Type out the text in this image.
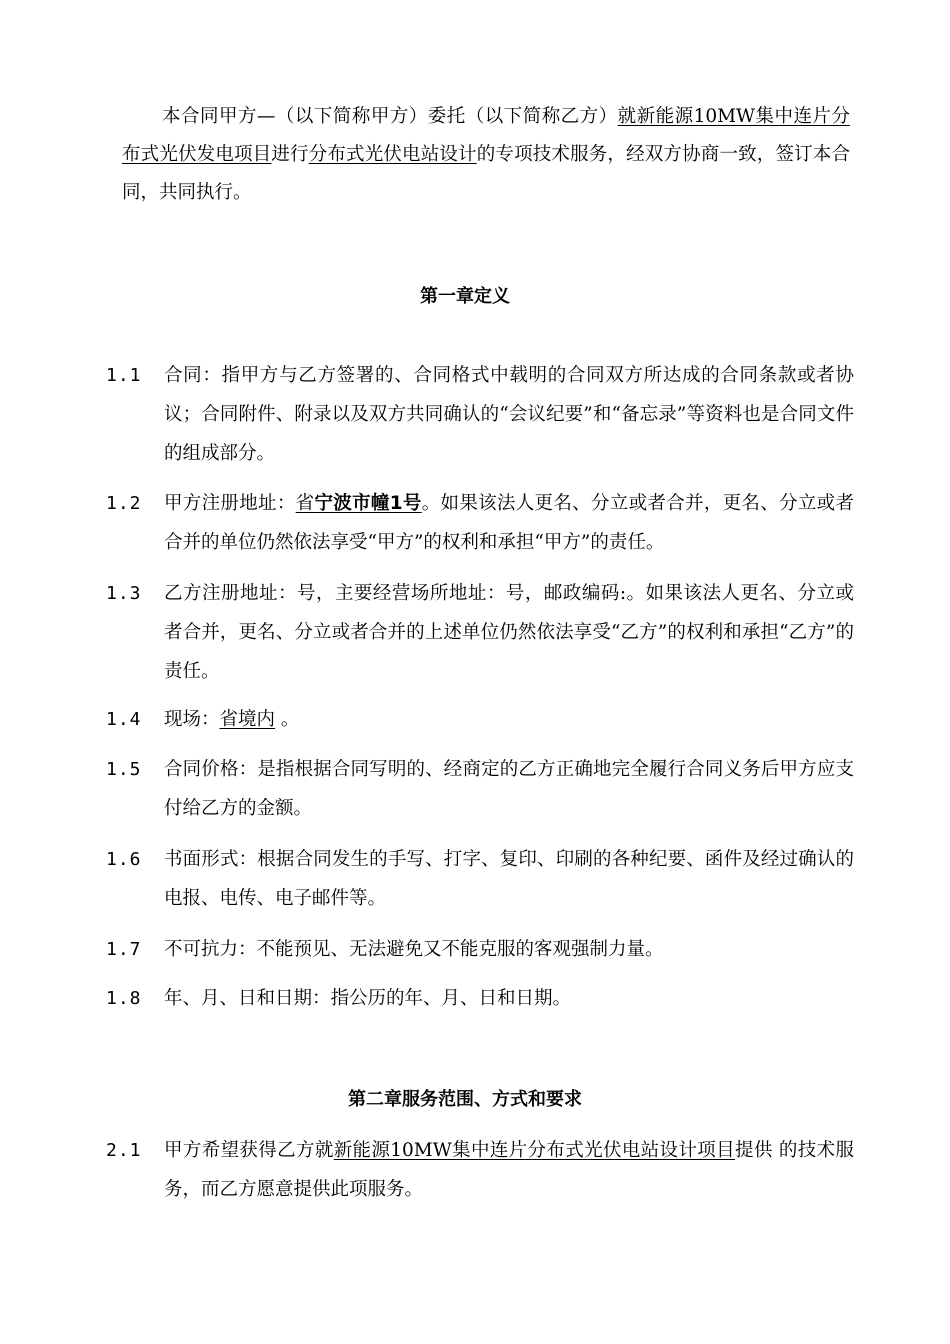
本合同甲方—（以下简称甲方）委托（以下简称乙方）就新能源10MW集中连片分布式光伏发电项目进行分布式光伏电站设计的专项技术服务，经双方协商一致，签订本合同，共同执行。
第一章定义
1.1	合同：指甲方与乙方签署的、合同格式中载明的合同双方所达成的合同条款或者协议；合同附件、附录以及双方共同确认的“会议纪要”和“备忘录”等资料也是合同文件的组成部分。
1.2	甲方注册地址：省宁波市幢1号。如果该法人更名、分立或者合并，更名、分立或者合并的单位仍然依法享受“甲方”的权利和承担“甲方”的责任。
1.3	乙方注册地址：号，主要经营场所地址：号，邮政编码:。如果该法人更名、分立或者合并，更名、分立或者合并的上述单位仍然依法享受“乙方”的权利和承担“乙方”的责任。
1.4	现场：省境内 。
1.5	合同价格：是指根据合同写明的、经商定的乙方正确地完全履行合同义务后甲方应支付给乙方的金额。
1.6	书面形式：根据合同发生的手写、打字、复印、印刷的各种纪要、函件及经过确认的电报、电传、电子邮件等。
1.7	不可抗力：不能预见、无法避免又不能克服的客观强制力量。
1.8	年、月、日和日期：指公历的年、月、日和日期。
第二章服务范围、方式和要求
2.1	甲方希望获得乙方就新能源10MW集中连片分布式光伏电站设计项目提供 的技术服务，而乙方愿意提供此项服务。
